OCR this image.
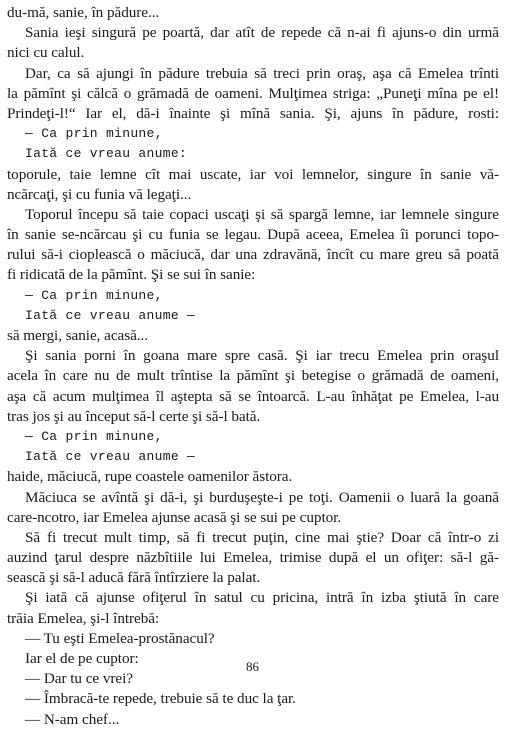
du-mă, sanie, în pădure...
Sania ieşi singură pe poartă, dar atît de repede că n-ai fi ajuns-o din urmă
nici cu calul.
Dar, ca să ajungi în pădure trebuia să treci prin oraş, aşa că Emelea trînti
la pămînt şi călcă o grămadă de oameni. Mulţimea striga: „Puneţi mîna pe el!
Prindeţi-l!“ Iar el, dă-i înainte şi mînă sania. Şi, ajuns în pădure, rosti:
— Ca prin minune,
Iată ce vreau anume:
toporule, taie lemne cît mai uscate, iar voi lemnelor, singure în sanie vă-
ncărcaţi, şi cu funia vă legaţi...
Toporul începu să taie copaci uscaţi şi să spargă lemne, iar lemnele singure
în sanie se-ncărcau şi cu funia se legau. După aceea, Emelea îi porunci topo-
rului să-i cioplească o măciucă, dar una zdravănă, încît cu mare greu să poată
fi ridicată de la pămînt. Şi se sui în sanie:
— Ca prin minune,
Iată ce vreau anume —
să mergi, sanie, acasă...
Şi sania porni în goana mare spre casă. Şi iar trecu Emelea prin oraşul
acela în care nu de mult trîntise la pămînt şi betegise o grămadă de oameni,
aşa că acum mulţimea îl aştepta să se întoarcă. L-au înhăţat pe Emelea, l-au
tras jos şi au început să-l certe şi să-l bată.
— Ca prin minune,
Iată ce vreau anume —
haide, măciucă, rupe coastele oamenilor ăstora.
Măciuca se avîntă şi dă-i, şi burduşeşte-i pe toţi. Oamenii o luară la goană
care-ncotro, iar Emelea ajunse acasă şi se sui pe cuptor.
Să fi trecut mult timp, să fi trecut puţin, cine mai ştie? Doar că într-o zi
auzind ţarul despre năzbîtiile lui Emelea, trimise după el un ofiţer: să-l gă-
sească şi să-l aducă fără întîrziere la palat.
Şi iată că ajunse ofiţerul în satul cu pricina, intră în izba ştiută în care
trăia Emelea, şi-l întrebă:
— Tu eşti Emelea-prostănacul?
Iar el de pe cuptor:
— Dar tu ce vrei?
— Îmbracă-te repede, trebuie să te duc la ţar.
— N-am chef...
86
